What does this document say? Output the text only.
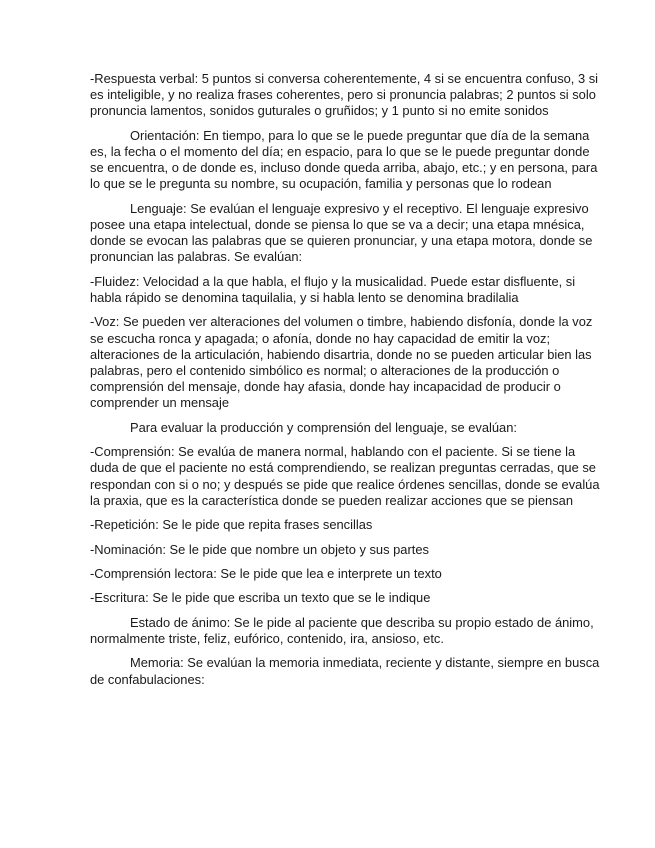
-Respuesta verbal: 5 puntos si conversa coherentemente, 4 si se encuentra confuso, 3 si es inteligible, y no realiza frases coherentes, pero si pronuncia palabras; 2 puntos si solo pronuncia lamentos, sonidos guturales o gruñidos; y 1 punto si no emite sonidos

Orientación: En tiempo, para lo que se le puede preguntar que día de la semana es, la fecha o el momento del día; en espacio, para lo que se le puede preguntar donde se encuentra, o de donde es, incluso donde queda arriba, abajo, etc.; y en persona, para lo que se le pregunta su nombre, su ocupación, familia y personas que lo rodean

Lenguaje: Se evalúan el lenguaje expresivo y el receptivo. El lenguaje expresivo posee una etapa intelectual, donde se piensa lo que se va a decir; una etapa mnésica, donde se evocan las palabras que se quieren pronunciar, y una etapa motora, donde se pronuncian las palabras. Se evalúan:

-Fluidez: Velocidad a la que habla, el flujo y la musicalidad. Puede estar disfluente, si habla rápido se denomina taquilalia, y si habla lento se denomina bradilalia

-Voz: Se pueden ver alteraciones del volumen o timbre, habiendo disfonía, donde la voz se escucha ronca y apagada; o afonía, donde no hay capacidad de emitir la voz; alteraciones de la articulación, habiendo disartria, donde no se pueden articular bien las palabras, pero el contenido simbólico es normal; o alteraciones de la producción o comprensión del mensaje, donde hay afasia, donde hay incapacidad de producir o comprender un mensaje

Para evaluar la producción y comprensión del lenguaje, se evalúan:

-Comprensión: Se evalúa de manera normal, hablando con el paciente. Si se tiene la duda de que el paciente no está comprendiendo, se realizan preguntas cerradas, que se respondan con si o no; y después se pide que realice órdenes sencillas, donde se evalúa la praxia, que es la característica donde se pueden realizar acciones que se piensan

-Repetición: Se le pide que repita frases sencillas

-Nominación: Se le pide que nombre un objeto y sus partes

-Comprensión lectora: Se le pide que lea e interprete un texto

-Escritura: Se le pide que escriba un texto que se le indique

Estado de ánimo: Se le pide al paciente que describa su propio estado de ánimo, normalmente triste, feliz, eufórico, contenido, ira, ansioso, etc.

Memoria: Se evalúan la memoria inmediata, reciente y distante, siempre en busca de confabulaciones:
